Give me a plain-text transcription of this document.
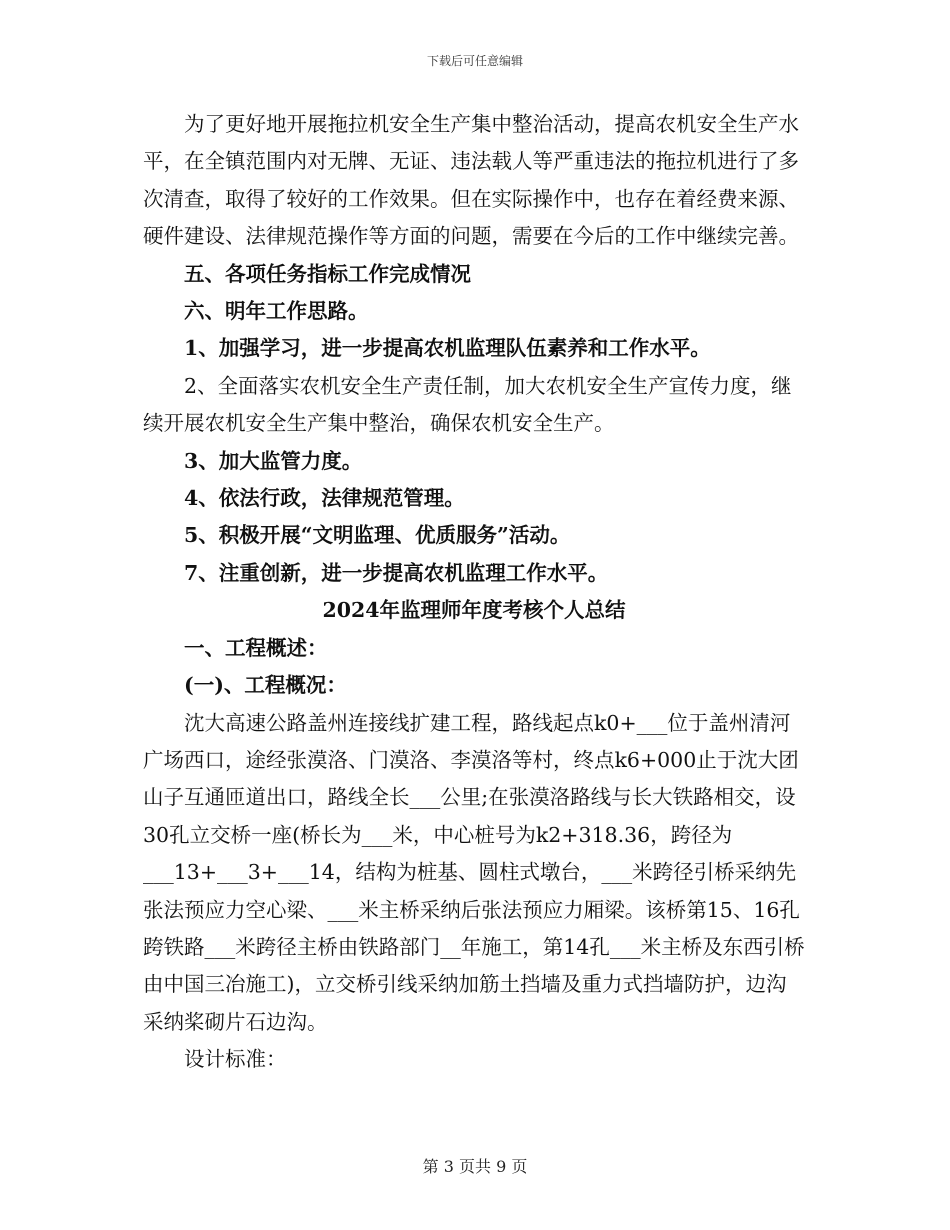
下载后可任意编辑

为了更好地开展拖拉机安全生产集中整治活动，提高农机安全生产水平，在全镇范围内对无牌、无证、违法载人等严重违法的拖拉机进行了多次清查，取得了较好的工作效果。但在实际操作中，也存在着经费来源、硬件建设、法律规范操作等方面的问题，需要在今后的工作中继续完善。

五、各项任务指标工作完成情况

六、明年工作思路。

1、加强学习，进一步提高农机监理队伍素养和工作水平。

2、全面落实农机安全生产责任制，加大农机安全生产宣传力度，继续开展农机安全生产集中整治，确保农机安全生产。

3、加大监管力度。

4、依法行政，法律规范管理。

5、积极开展“文明监理、优质服务”活动。

7、注重创新，进一步提高农机监理工作水平。

2024年监理师年度考核个人总结

一、工程概述：

(一)、工程概况：

沈大高速公路盖州连接线扩建工程，路线起点k0+___位于盖州清河广场西口，途经张漠洛、门漠洛、李漠洛等村，终点k6+000止于沈大团山子互通匝道出口，路线全长___公里;在张漠洛路线与长大铁路相交，设30孔立交桥一座(桥长为___米，中心桩号为k2+318.36，跨径为___13+___3+___14，结构为桩基、圆柱式墩台，___米跨径引桥采纳先张法预应力空心梁、___米主桥采纳后张法预应力厢梁。该桥第15、16孔跨铁路___米跨径主桥由铁路部门__年施工，第14孔___米主桥及东西引桥由中国三冶施工)，立交桥引线采纳加筋土挡墙及重力式挡墙防护，边沟采纳桨砌片石边沟。

设计标准：

第 3 页共 9 页
